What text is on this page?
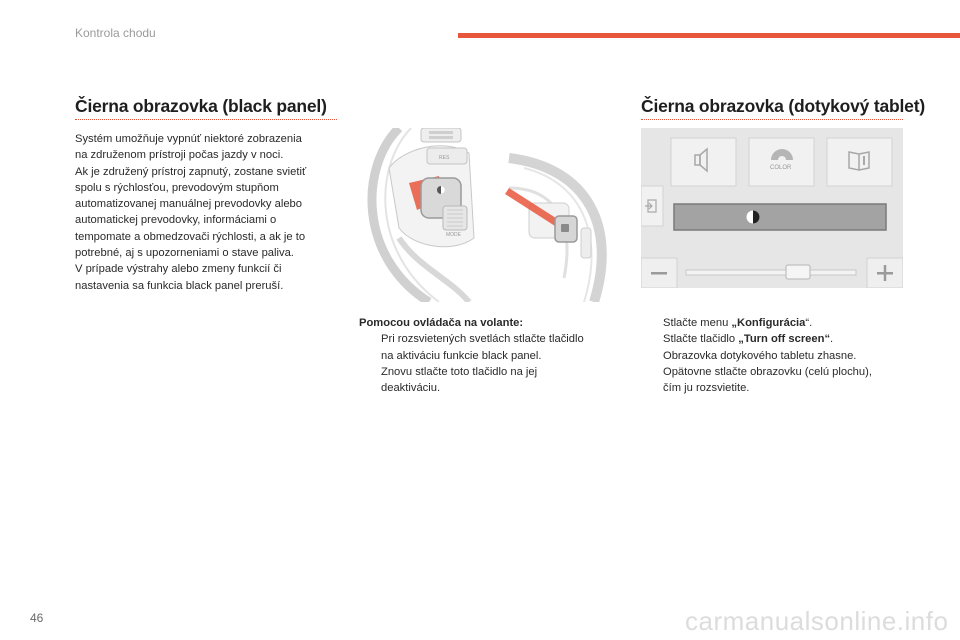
Kontrola chodu
Čierna obrazovka (black panel)

Systém umožňuje vypnúť niektoré zobrazenia

na združenom prístroji počas jazdy v noci.

Ak je združený prístroj zapnutý, zostane svietiť

spolu s rýchlosťou, prevodovým stupňom

automatizovanej manuálnej prevodovky alebo

automatickej prevodovky, informáciami o

tempomate a obmedzovači rýchlosti, a ak je to

potrebné, aj s upozorneniami o stave paliva.

V prípade výstrahy alebo zmeny funkcií či

nastavenia sa funkcia black panel preruší.

RES
MODE
Pomocou ovládača na volante:
Pri rozsvietených svetlách stlačte tlačidlo
na aktiváciu funkcie black panel.
Znovu stlačte toto tlačidlo na jej
deaktiváciu.
Čierna obrazovka (dotykový tablet)
COLOR
Stlačte menu „Konfigurácia“.
Stlačte tlačidlo „Turn off screen“.
Obrazovka dotykového tabletu zhasne.
Opätovne stlačte obrazovku (celú plochu),
čím ju rozsvietite.
46	carmanualsonline.info
